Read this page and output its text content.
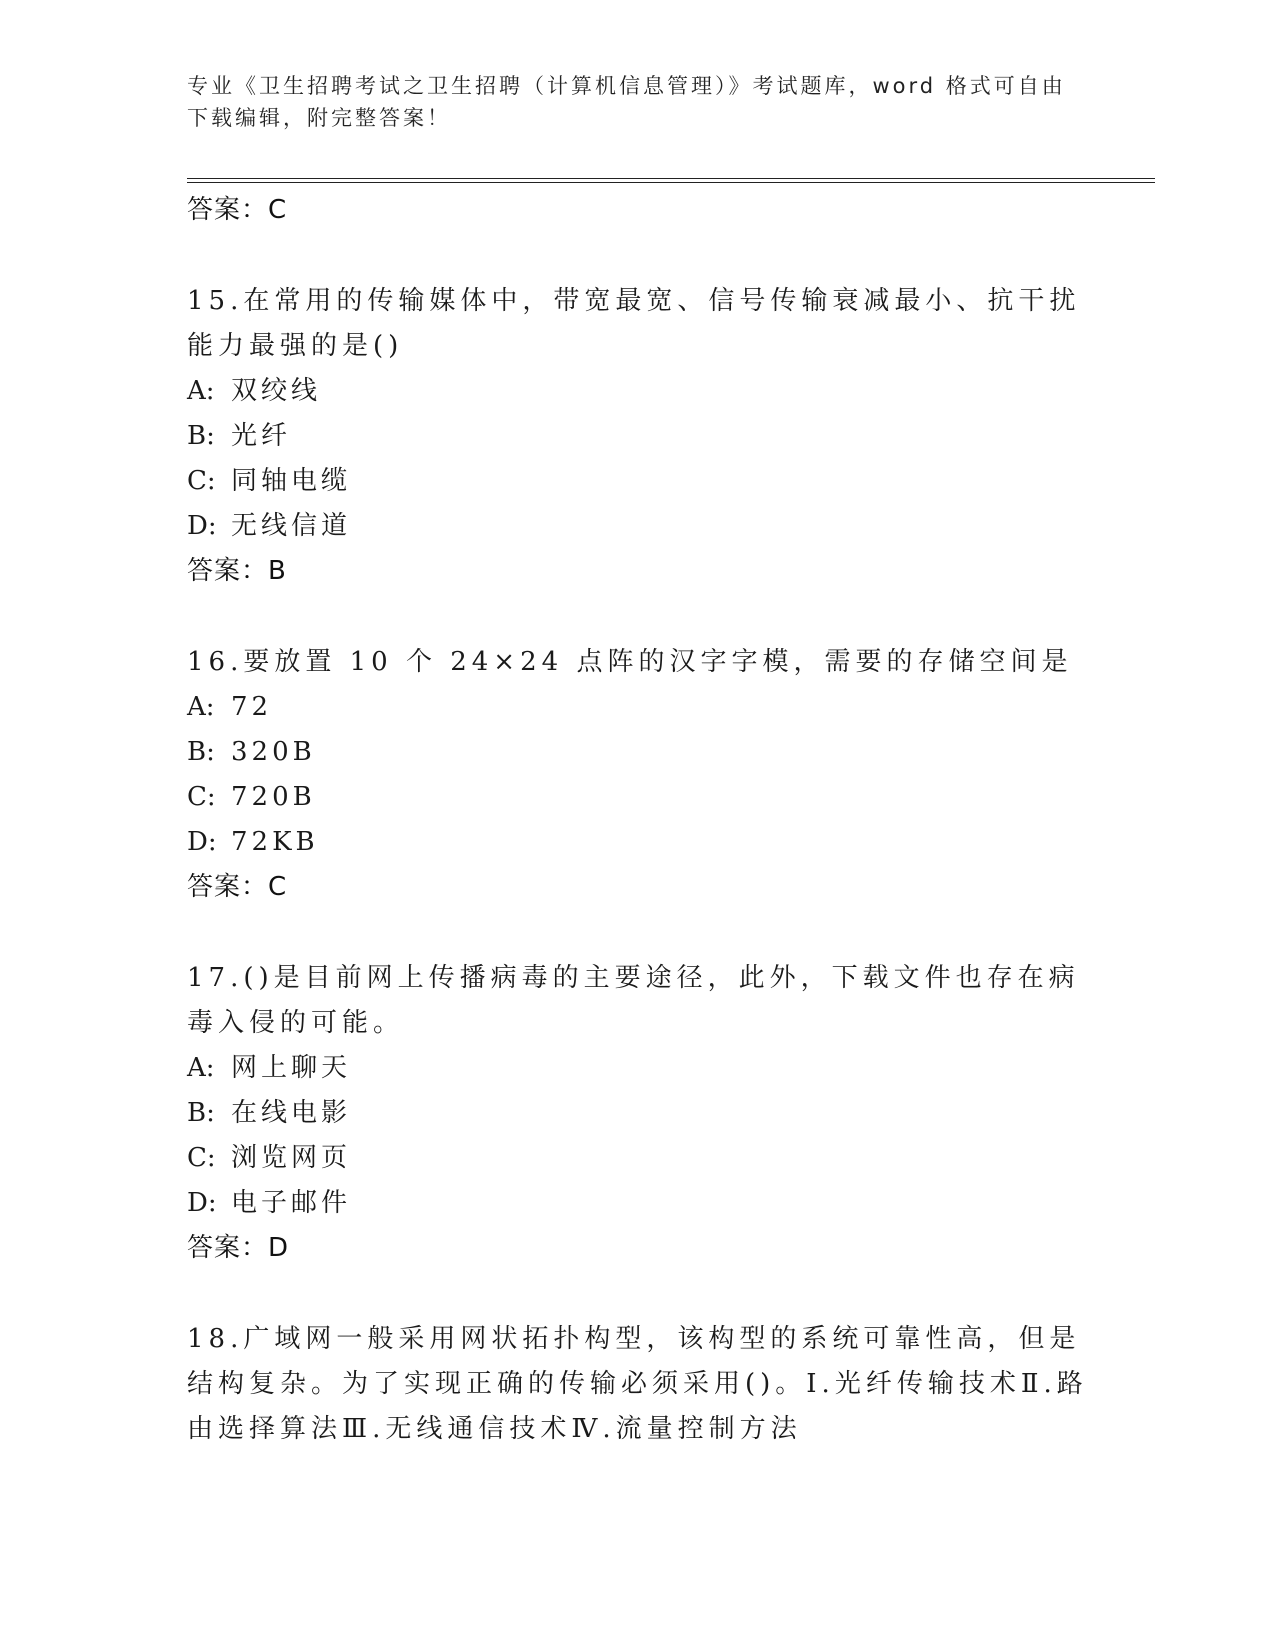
专业《卫生招聘考试之卫生招聘（计算机信息管理）》考试题库，word 格式可自由下载编辑，附完整答案！
答案：C

15.在常用的传输媒体中，带宽最宽、信号传输衰减最小、抗干扰能力最强的是()

A: 双绞线
B: 光纤
C: 同轴电缆
D: 无线信道
答案：B

16.要放置 10 个 24×24 点阵的汉字字模，需要的存储空间是

A: 72
B: 320B
C: 720B
D: 72KB
答案：C

17.()是目前网上传播病毒的主要途径，此外，下载文件也存在病毒入侵的可能。

A: 网上聊天
B: 在线电影
C: 浏览网页
D: 电子邮件
答案：D

18.广域网一般采用网状拓扑构型，该构型的系统可靠性高，但是结构复杂。为了实现正确的传输必须采用()。Ⅰ.光纤传输技术Ⅱ.路由选择算法Ⅲ.无线通信技术Ⅳ.流量控制方法
